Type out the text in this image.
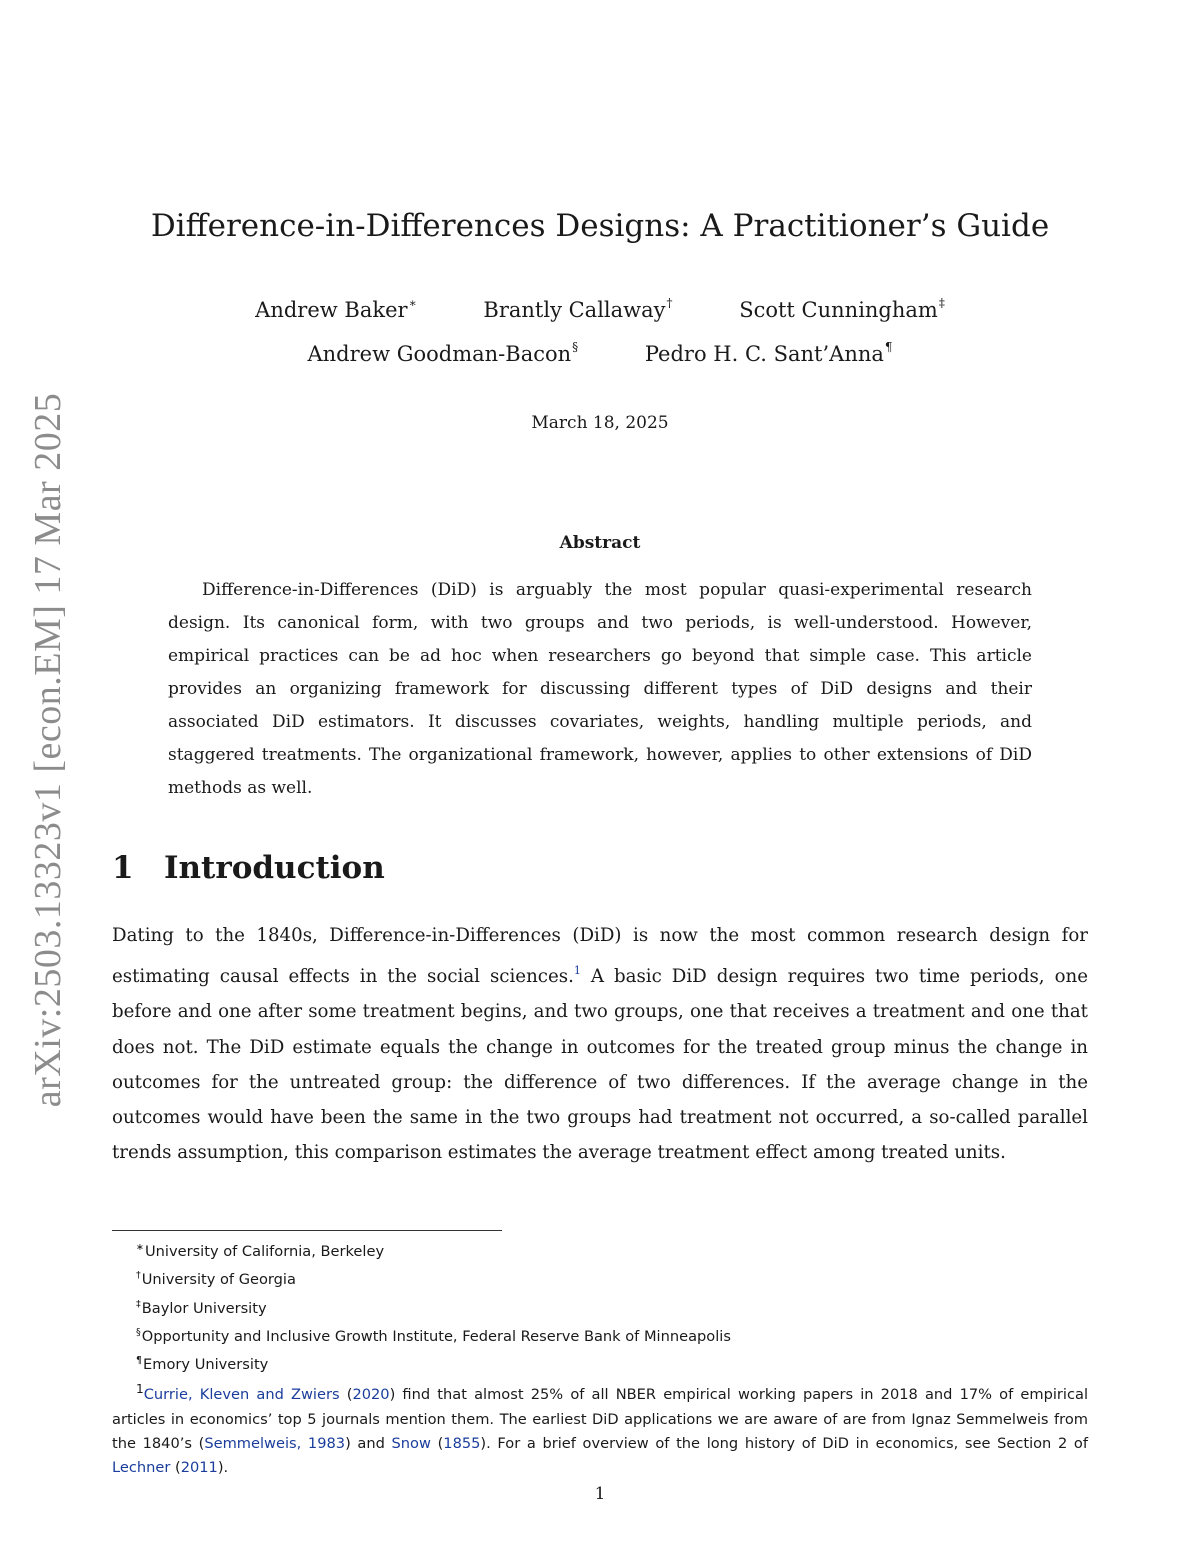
arXiv:2503.13323v1 [econ.EM] 17 Mar 2025
Difference-in-Differences Designs: A Practitioner’s Guide
Andrew Baker∗	Brantly Callaway†	Scott Cunningham‡
Andrew Goodman-Bacon§	Pedro H. C. Sant’Anna¶
March 18, 2025
Abstract

Difference-in-Differences (DiD) is arguably the most popular quasi-experimental research design. Its canonical form, with two groups and two periods, is well-understood. However, empirical practices can be ad hoc when researchers go beyond that simple case. This article provides an organizing framework for discussing different types of DiD designs and their associated DiD estimators. It discusses covariates, weights, handling multiple periods, and staggered treatments. The organizational framework, however, applies to other extensions of DiD methods as well.

1 Introduction

Dating to the 1840s, Difference-in-Differences (DiD) is now the most common research design for estimating causal effects in the social sciences.$^1$ A basic DiD design requires two time periods, one before and one after some treatment begins, and two groups, one that receives a treatment and one that does not. The DiD estimate equals the change in outcomes for the treated group minus the change in outcomes for the untreated group: the difference of two differences. If the average change in the outcomes would have been the same in the two groups had treatment not occurred, a so-called parallel trends assumption, this comparison estimates the average treatment effect among treated units.

∗University of California, Berkeley

†University of Georgia

‡Baylor University

§Opportunity and Inclusive Growth Institute, Federal Reserve Bank of Minneapolis

¶Emory University

$^1$Currie, Kleven and Zwiers (2020) find that almost 25% of all NBER empirical working papers in 2018 and 17% of empirical articles in economics’ top 5 journals mention them. The earliest DiD applications we are aware of are from Ignaz Semmelweis from the 1840’s (Semmelweis, 1983) and Snow (1855). For a brief overview of the long history of DiD in economics, see Section 2 of Lechner (2011).

1
